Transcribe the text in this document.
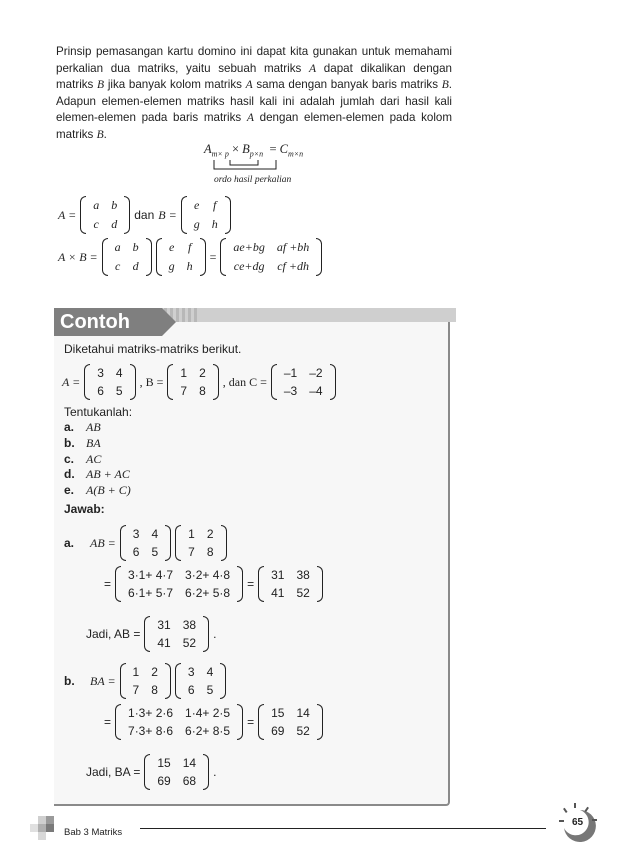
Prinsip pemasangan kartu domino ini dapat kita gunakan untuk memahami perkalian dua matriks, yaitu sebuah matriks A dapat dikalikan dengan matriks B jika banyak kolom matriks A sama dengan banyak baris matriks B. Adapun elemen-elemen matriks hasil kali ini adalah jumlah dari hasil kali elemen-elemen pada baris matriks A dengan elemen-elemen pada kolom matriks B.

$A_{m\times p} \times B_{p\times n} = C_{m\times n}$
ordo hasil perkalian
A =
a	b
c	d
dan B =
e	f
g	h
A × B =
a	b
c	d
e	f
g	h
=
ae+bg	af +bh
ce+dg	cf +dh
Contoh
Diketahui matriks-matriks berikut.
A =
3	4
6	5
, B =
1	2
7	8
, dan C =
–1	–2
–3	–4
Tentukanlah:
a. AB
b. BA
c. AC
d. AB + AC
e. A(B + C)
Jawab:
a.	AB =
3	4
6	5
1	2
7	8
=
3·1+ 4·7	3·2+ 4·8
6·1+ 5·7	6·2+ 5·8
=
31	38
41	52
Jadi, AB =
31	38
41	52
.
b.	BA =
1	2
7	8
3	4
6	5
=
1·3+ 2·6	1·4+ 2·5
7·3+ 8·6	6·2+ 8·5
=
15	14
69	52
Jadi, BA =
15	14
69	68
.
Bab 3 Matriks
65
